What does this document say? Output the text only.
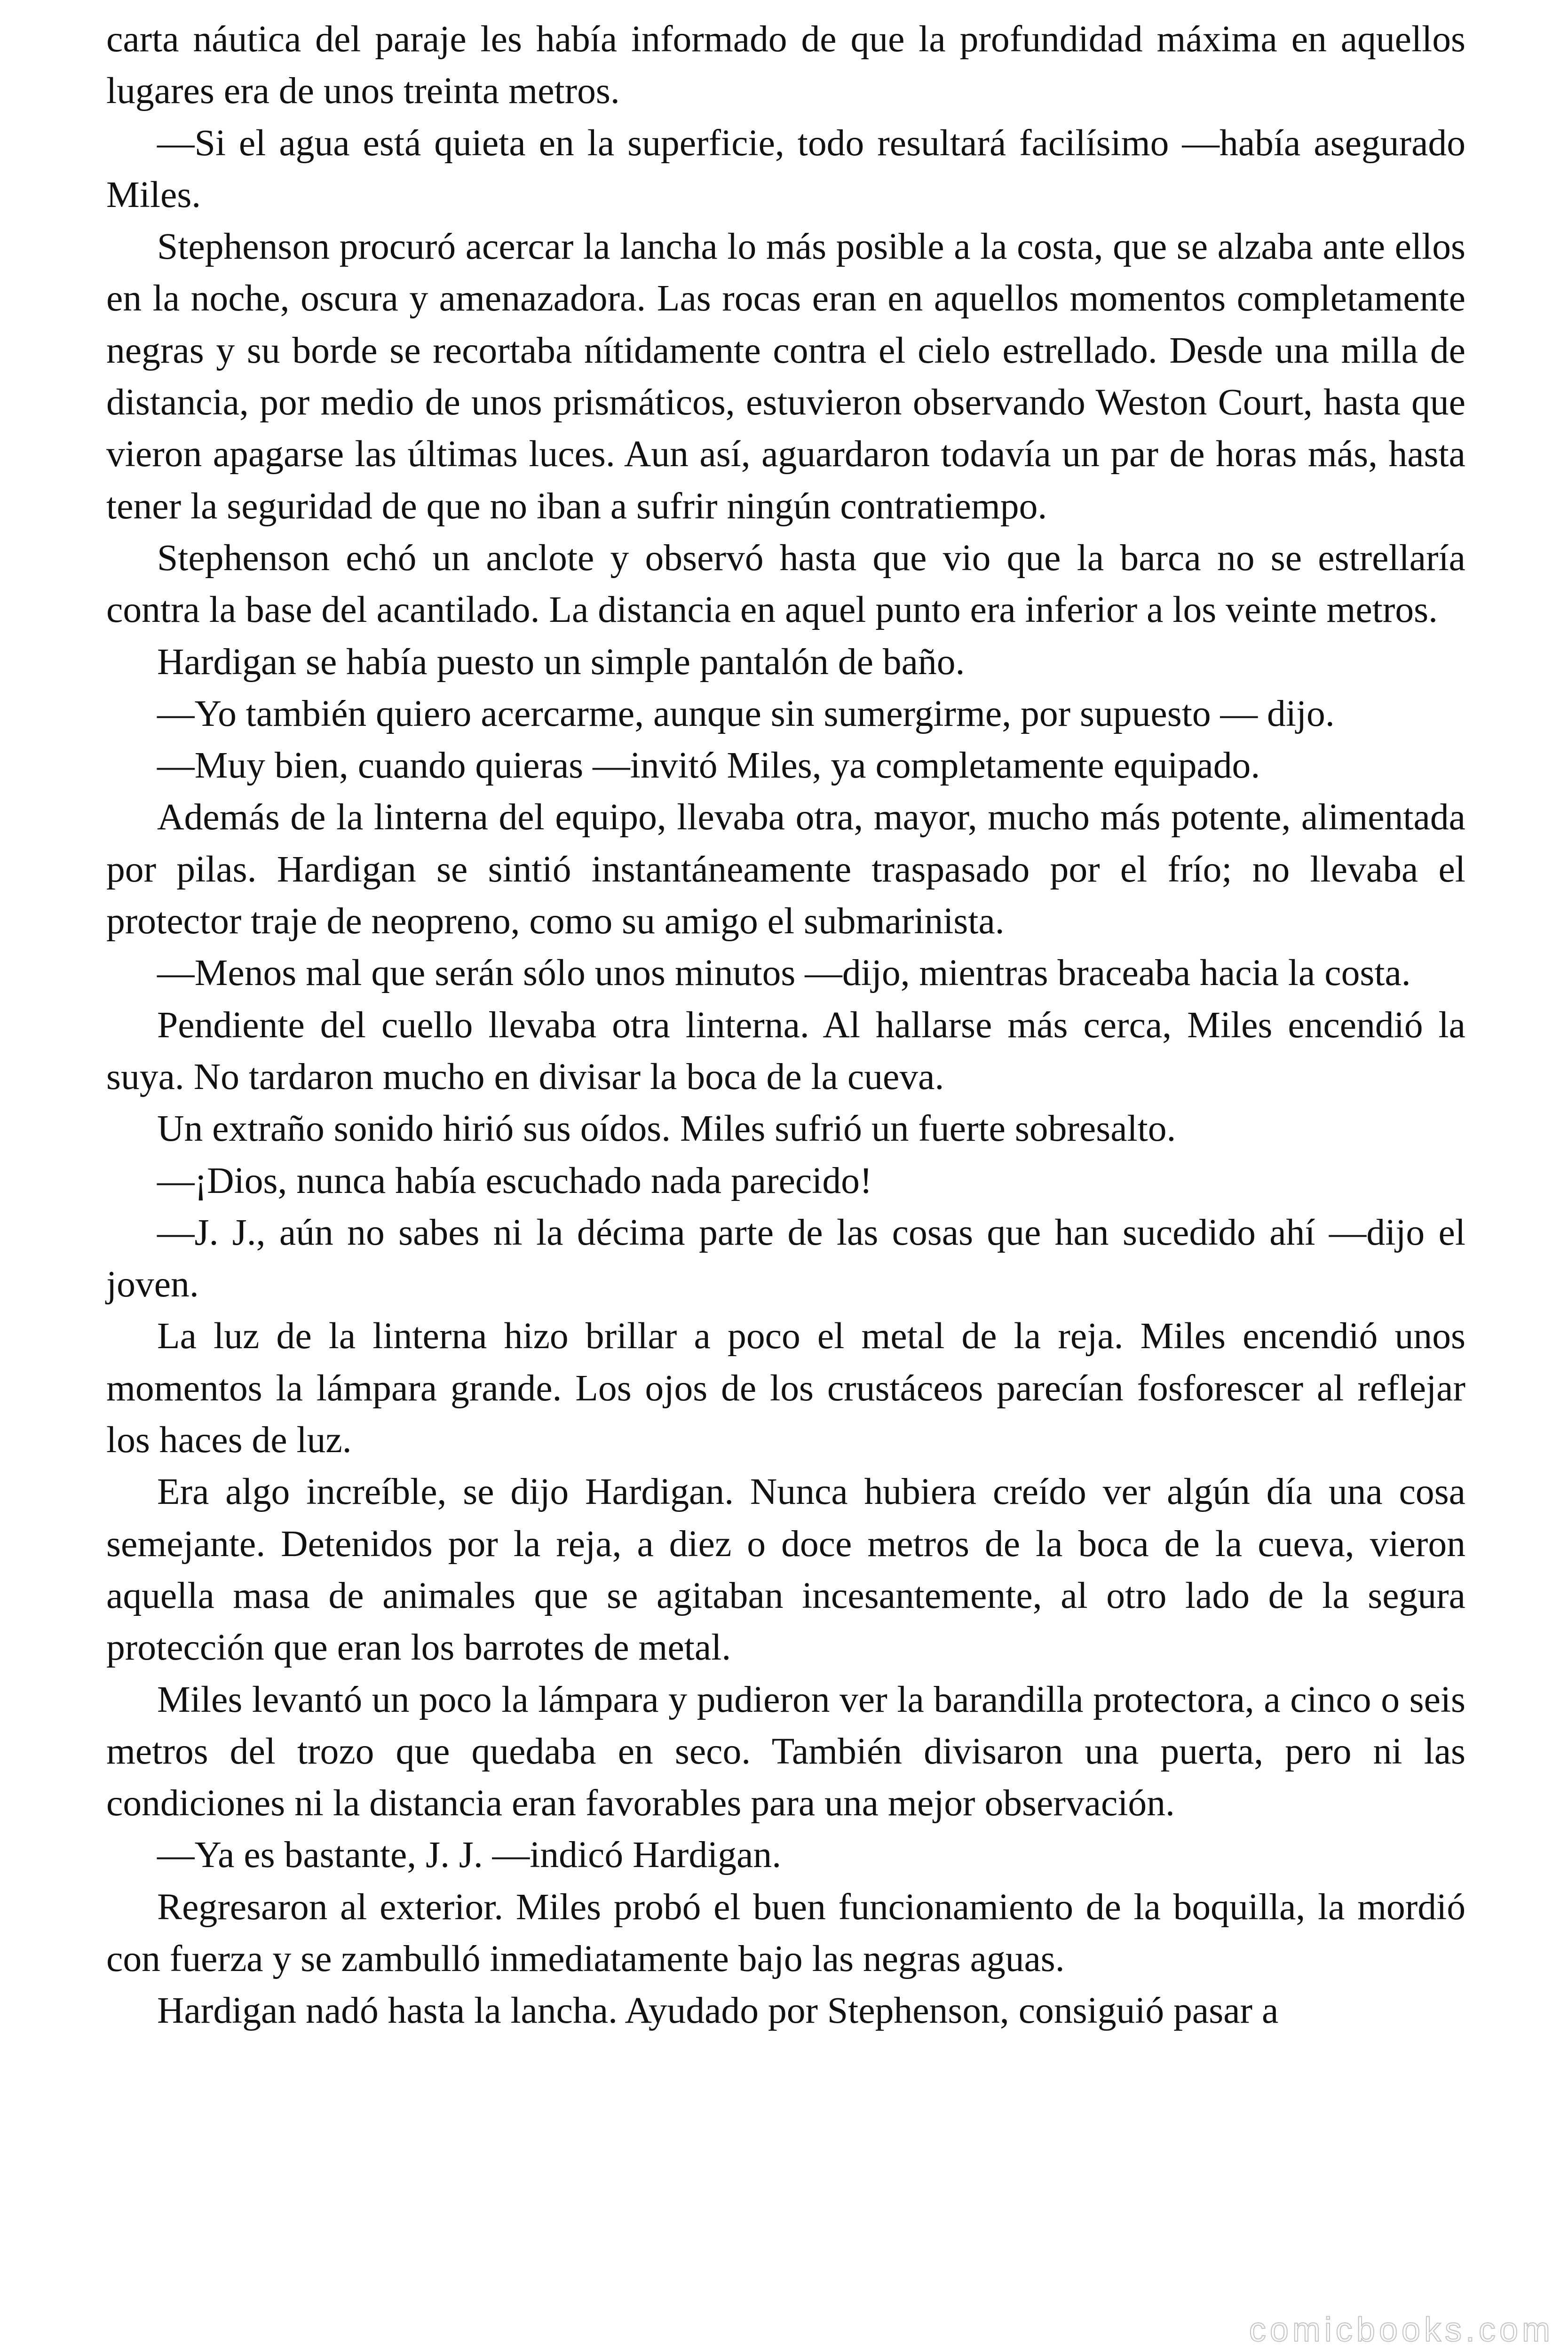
carta náutica del paraje les había informado de que la profundidad máxima en aquellos lugares era de unos treinta metros.

—Si el agua está quieta en la superficie, todo resultará facilísimo —había asegurado Miles.

Stephenson procuró acercar la lancha lo más posible a la costa, que se alzaba ante ellos en la noche, oscura y amenazadora. Las rocas eran en aquellos momentos completamente negras y su borde se recortaba nítidamente contra el cielo estrellado. Desde una milla de distancia, por medio de unos prismáticos, estuvieron observando Weston Court, hasta que vieron apagarse las últimas luces. Aun así, aguardaron todavía un par de horas más, hasta tener la seguridad de que no iban a sufrir ningún contratiempo.

Stephenson echó un anclote y observó hasta que vio que la barca no se estrellaría contra la base del acantilado. La distancia en aquel punto era inferior a los veinte metros.

Hardigan se había puesto un simple pantalón de baño.

—Yo también quiero acercarme, aunque sin sumergirme, por supuesto — dijo.

—Muy bien, cuando quieras —invitó Miles, ya completamente equipado.

Además de la linterna del equipo, llevaba otra, mayor, mucho más potente, alimentada por pilas. Hardigan se sintió instantáneamente traspasado por el frío; no llevaba el protector traje de neopreno, como su amigo el submarinista.

—Menos mal que serán sólo unos minutos —dijo, mientras braceaba hacia la costa.

Pendiente del cuello llevaba otra linterna. Al hallarse más cerca, Miles encendió la suya. No tardaron mucho en divisar la boca de la cueva.

Un extraño sonido hirió sus oídos. Miles sufrió un fuerte sobresalto.

—¡Dios, nunca había escuchado nada parecido!

—J. J., aún no sabes ni la décima parte de las cosas que han sucedido ahí —dijo el joven.

La luz de la linterna hizo brillar a poco el metal de la reja. Miles encendió unos momentos la lámpara grande. Los ojos de los crustáceos parecían fosforescer al reflejar los haces de luz.

Era algo increíble, se dijo Hardigan. Nunca hubiera creído ver algún día una cosa semejante. Detenidos por la reja, a diez o doce metros de la boca de la cueva, vieron aquella masa de animales que se agitaban incesantemente, al otro lado de la segura protección que eran los barrotes de metal.

Miles levantó un poco la lámpara y pudieron ver la barandilla protectora, a cinco o seis metros del trozo que quedaba en seco. También divisaron una puerta, pero ni las condiciones ni la distancia eran favorables para una mejor observación.

—Ya es bastante, J. J. —indicó Hardigan.

Regresaron al exterior. Miles probó el buen funcionamiento de la boquilla, la mordió con fuerza y se zambulló inmediatamente bajo las negras aguas.

Hardigan nadó hasta la lancha. Ayudado por Stephenson, consiguió pasar a

comicbooks.com
